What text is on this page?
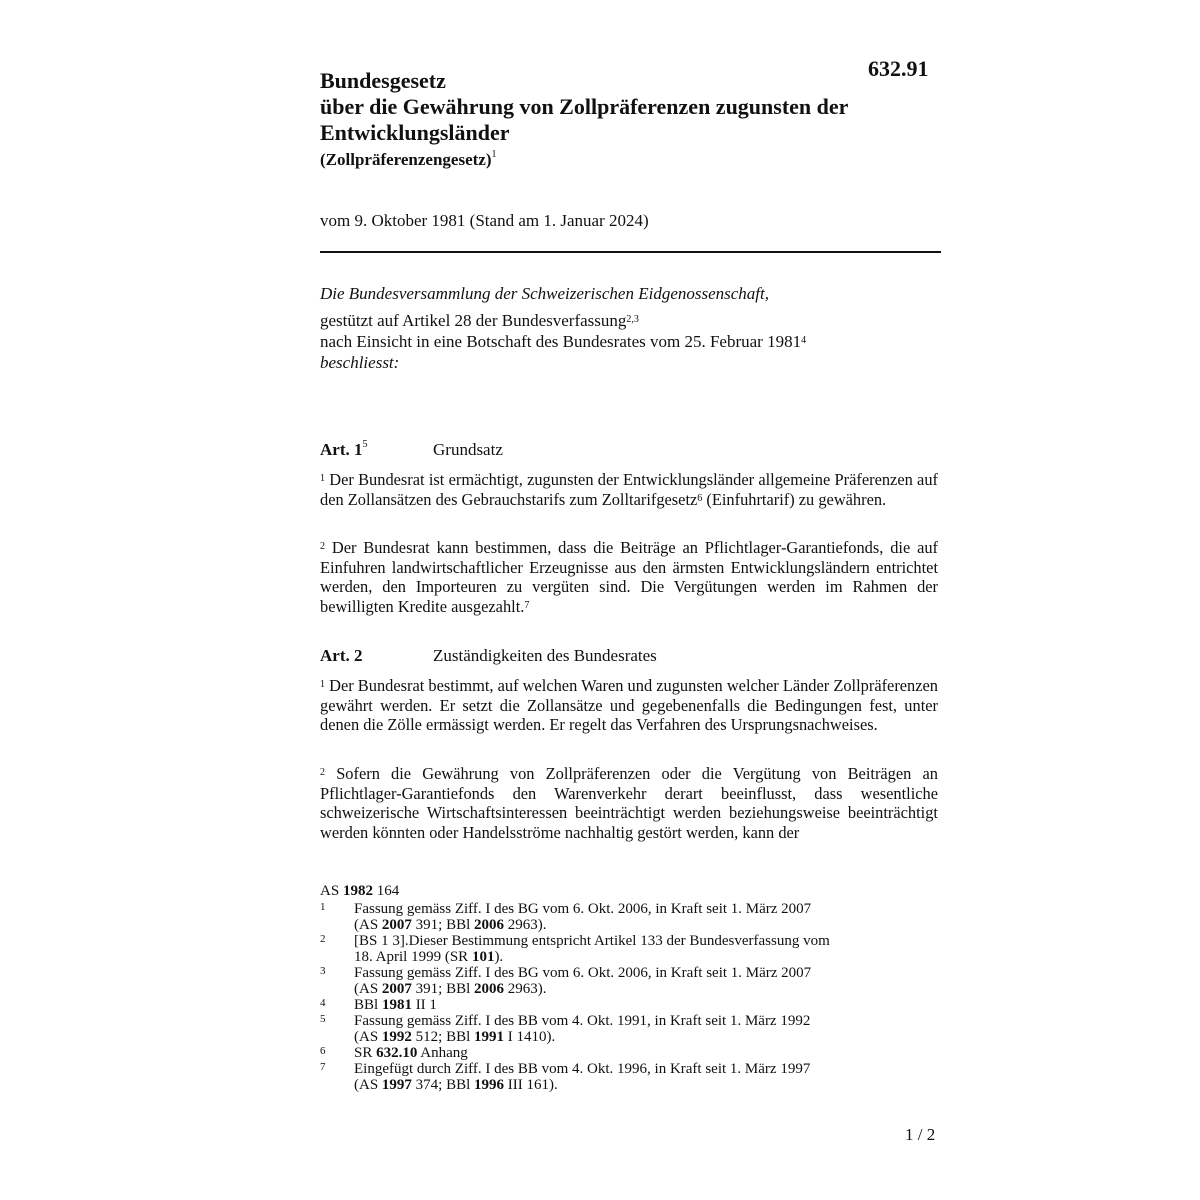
632.91
Bundesgesetz
über die Gewährung von Zollpräferenzen zugunsten der
Entwicklungsländer
(Zollpräferenzengesetz)$^1$
vom 9. Oktober 1981 (Stand am 1. Januar 2024)
Die Bundesversammlung der Schweizerischen Eidgenossenschaft,
gestützt auf Artikel 28 der Bundesverfassung$^{2,3}$
nach Einsicht in eine Botschaft des Bundesrates vom 25. Februar 1981$^4$
beschliesst:
Art. $1^5$	Grundsatz
$^1$ Der Bundesrat ist ermächtigt, zugunsten der Entwicklungsländer allgemeine Präferenzen auf den Zollansätzen des Gebrauchstarifs zum Zolltarifgesetz$^6$ (Einfuhrtarif) zu gewähren.
$^2$ Der Bundesrat kann bestimmen, dass die Beiträge an Pflichtlager-Garantiefonds, die auf Einfuhren landwirtschaftlicher Erzeugnisse aus den ärmsten Entwicklungsländern entrichtet werden, den Importeuren zu vergüten sind. Die Vergütungen werden im Rahmen der bewilligten Kredite ausgezahlt.$^7$
Art. 2	Zuständigkeiten des Bundesrates
$^1$ Der Bundesrat bestimmt, auf welchen Waren und zugunsten welcher Länder Zollpräferenzen gewährt werden. Er setzt die Zollansätze und gegebenenfalls die Bedingungen fest, unter denen die Zölle ermässigt werden. Er regelt das Verfahren des Ursprungsnachweises.
$^2$ Sofern die Gewährung von Zollpräferenzen oder die Vergütung von Beiträgen an Pflichtlager-Garantiefonds den Warenverkehr derart beeinflusst, dass wesentliche schweizerische Wirtschaftsinteressen beeinträchtigt werden beziehungsweise beeinträchtigt werden könnten oder Handelsströme nachhaltig gestört werden, kann der
AS 1982 164
1 Fassung gemäss Ziff. I des BG vom 6. Okt. 2006, in Kraft seit 1. März 2007
(AS 2007 391; BBl 2006 2963).
2 [BS 1 3].Dieser Bestimmung entspricht Artikel 133 der Bundesverfassung vom
18. April 1999 (SR 101).
3 Fassung gemäss Ziff. I des BG vom 6. Okt. 2006, in Kraft seit 1. März 2007
(AS 2007 391; BBl 2006 2963).
4 BBl 1981 II 1
5 Fassung gemäss Ziff. I des BB vom 4. Okt. 1991, in Kraft seit 1. März 1992
(AS 1992 512; BBl 1991 I 1410).
6 SR 632.10 Anhang
7 Eingefügt durch Ziff. I des BB vom 4. Okt. 1996, in Kraft seit 1. März 1997
(AS 1997 374; BBl 1996 III 161).
1 / 2
